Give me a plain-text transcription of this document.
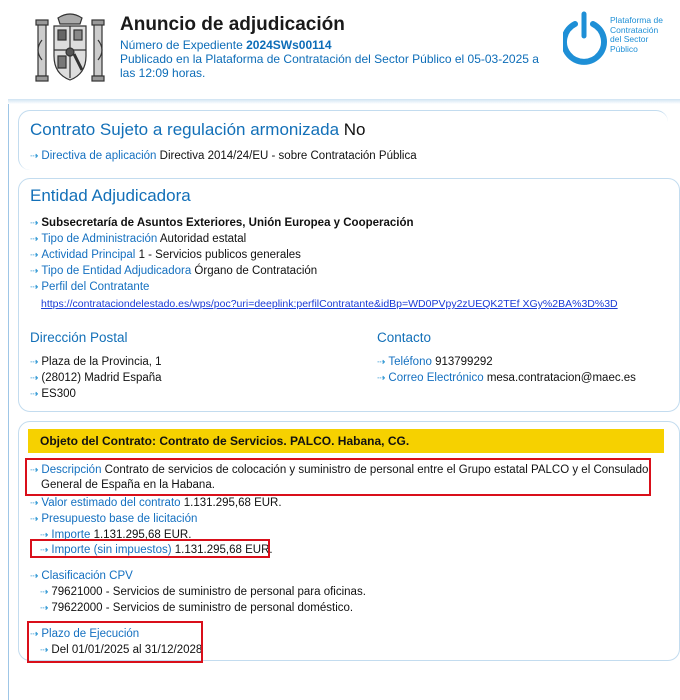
Anuncio de adjudicación
Número de Expediente 2024SWs00114
Publicado en la Plataforma de Contratación del Sector Público el 05-03-2025 a
las 12:09 horas.
Plataforma de
Contratación
del Sector
Público
Contrato Sujeto a regulación armonizada No
⇢ Directiva de aplicación Directiva 2014/24/EU - sobre Contratación Pública
Entidad Adjudicadora
⇢ Subsecretaría de Asuntos Exteriores, Unión Europea y Cooperación
⇢ Tipo de Administración Autoridad estatal
⇢ Actividad Principal 1 - Servicios publicos generales
⇢ Tipo de Entidad Adjudicadora Órgano de Contratación
⇢ Perfil del Contratante
https://contrataciondelestado.es/wps/poc?uri=deeplink:perfilContratante&idBp=WD0PVpy2zUEQK2TEf XGy%2BA%3D%3D
Dirección Postal
⇢ Plaza de la Provincia, 1
⇢ (28012) Madrid España
⇢ ES300
Contacto
⇢ Teléfono 913799292
⇢ Correo Electrónico mesa.contratacion@maec.es
Objeto del Contrato: Contrato de Servicios. PALCO. Habana, CG.
⇢ Descripción Contrato de servicios de colocación y suministro de personal entre el Grupo estatal PALCO y el Consulado
General de España en la Habana.
⇢ Valor estimado del contrato 1.131.295,68 EUR.
⇢ Presupuesto base de licitación
⇢ Importe 1.131.295,68 EUR.
⇢ Importe (sin impuestos) 1.131.295,68 EUR.
⇢ Clasificación CPV
⇢ 79621000 - Servicios de suministro de personal para oficinas.
⇢ 79622000 - Servicios de suministro de personal doméstico.
⇢ Plazo de Ejecución
⇢ Del 01/01/2025 al 31/12/2028
